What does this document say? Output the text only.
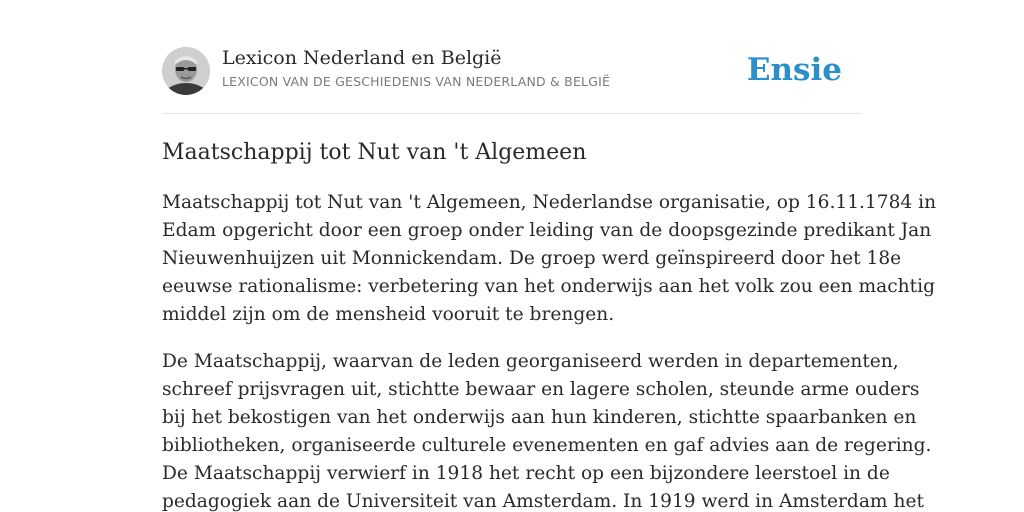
Lexicon Nederland en België
LEXICON VAN DE GESCHIEDENIS VAN NEDERLAND & BELGIË	Ensie
Maatschappij tot Nut van 't Algemeen

Maatschappij tot Nut van 't Algemeen, Nederlandse organisatie, op 16.11.1784 in
Edam opgericht door een groep onder leiding van de doopsgezinde predikant Jan
Nieuwenhuijzen uit Monnickendam. De groep werd geïnspireerd door het 18e
eeuwse rationalisme: verbetering van het onderwijs aan het volk zou een machtig
middel zijn om de mensheid vooruit te brengen.

De Maatschappij, waarvan de leden georganiseerd werden in departementen,
schreef prijsvragen uit, stichtte bewaar en lagere scholen, steunde arme ouders
bij het bekostigen van het onderwijs aan hun kinderen, stichtte spaarbanken en
bibliotheken, organiseerde culturele evenementen en gaf advies aan de regering.
De Maatschappij verwierf in 1918 het recht op een bijzondere leerstoel in de
pedagogiek aan de Universiteit van Amsterdam. In 1919 werd in Amsterdam het
